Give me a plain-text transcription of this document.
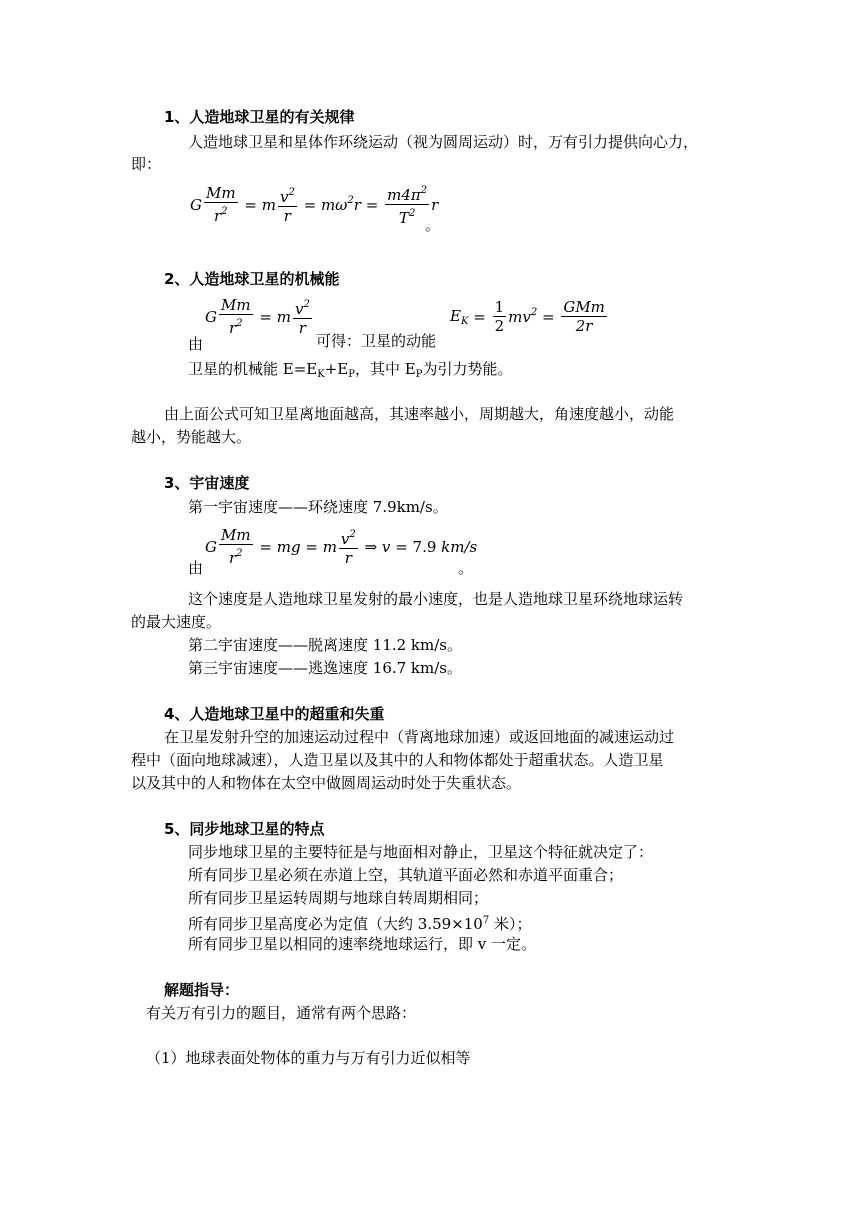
1、人造地球卫星的有关规律
人造地球卫星和星体作环绕运动（视为圆周运动）时，万有引力提供向心力，
即：
G $\frac{Mm}{r^2} = m \frac{v^2}{r} = m\omega^2r = \frac{m4\pi^2}{T^2}$ r
。
2、人造地球卫星的机械能
由
G $\frac{Mm}{r^2} = m \frac{v^2}{r}$
可得：卫星的动能
$E_K = \frac{1}{2} mv^2 = \frac{\text{GMm}}{2r}$
卫星的机械能 $E=E_K+E_P$，其中 $E_P$为引力势能。
由上面公式可知卫星离地面越高，其速率越小，周期越大，角速度越小，动能
越小，势能越大。
3、宇宙速度
第一宇宙速度——环绕速度 7.9km/s。
由
G $\frac{Mm}{r^2}$ = mg = m $\frac{v^2}{r}$ ⇒ v = 7.9 km/s
。
这个速度是人造地球卫星发射的最小速度，也是人造地球卫星环绕地球运转
的最大速度。
第二宇宙速度——脱离速度 11.2 km/s。
第三宇宙速度——逃逸速度 16.7 km/s。
4、人造地球卫星中的超重和失重
在卫星发射升空的加速运动过程中（背离地球加速）或返回地面的减速运动过
程中（面向地球减速），人造卫星以及其中的人和物体都处于超重状态。人造卫星
以及其中的人和物体在太空中做圆周运动时处于失重状态。
5、同步地球卫星的特点
同步地球卫星的主要特征是与地面相对静止，卫星这个特征就决定了：
所有同步卫星必须在赤道上空，其轨道平面必然和赤道平面重合；
所有同步卫星运转周期与地球自转周期相同；
所有同步卫星高度必为定值（大约 $3.59\times 10^7$ 米）；
所有同步卫星以相同的速率绕地球运行，即 v 一定。
解题指导：
有关万有引力的题目，通常有两个思路：
（1）地球表面处物体的重力与万有引力近似相等
